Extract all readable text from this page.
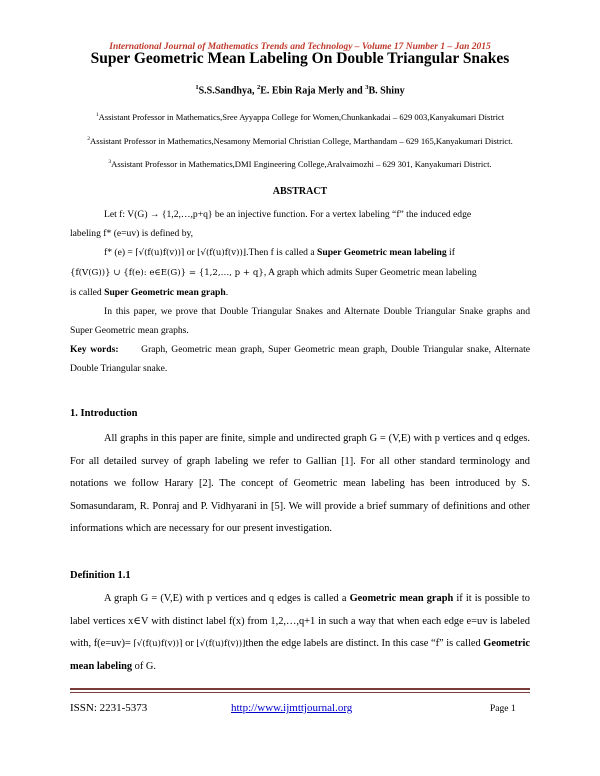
International Journal of Mathematics Trends and Technology – Volume 17 Number 1 – Jan 2015
Super Geometric Mean Labeling On Double Triangular Snakes
$^1$S.S.Sandhya, $^2$E. Ebin Raja Merly and $^3$B. Shiny
$^1$Assistant Professor in Mathematics,Sree Ayyappa College for Women,Chunkankadai – 629 003,Kanyakumari District
$^2$Assistant Professor in Mathematics,Nesamony Memorial Christian College, Marthandam – 629 165,Kanyakumari District.
$^3$Assistant Professor in Mathematics,DMI Engineering College,Aralvaimozhi – 629 301, Kanyakumari District.
ABSTRACT
Let f: V(G) → {1,2,…,p+q} be an injective function. For a vertex labeling “f” the induced edge
labeling f* (e=uv) is defined by,
f* (e) = ⌈√(f(u)f(v))⌉ or ⌊√(f(u)f(v))⌋.Then f is called a Super Geometric mean labeling if
{f(V(G))} ∪ {f(e): e∈E(G)} = {1,2,…, p + q}, A graph which admits Super Geometric mean labeling
is called Super Geometric mean graph.
In this paper, we prove that Double Triangular Snakes and Alternate Double Triangular Snake graphs and Super Geometric mean graphs.
Key words: Graph, Geometric mean graph, Super Geometric mean graph, Double Triangular snake, Alternate Double Triangular snake.
1. Introduction
All graphs in this paper are finite, simple and undirected graph G = (V,E) with p vertices and q edges. For all detailed survey of graph labeling we refer to Gallian [1]. For all other standard terminology and notations we follow Harary [2]. The concept of Geometric mean labeling has been introduced by S. Somasundaram, R. Ponraj and P. Vidhyarani in [5]. We will provide a brief summary of definitions and other informations which are necessary for our present investigation.
Definition 1.1
A graph G = (V,E) with p vertices and q edges is called a Geometric mean graph if it is possible to label vertices x∈V with distinct label f(x) from 1,2,…,q+1 in such a way that when each edge e=uv is labeled with, f(e=uv)= ⌈√(f(u)f(v))⌉ or ⌊√(f(u)f(v))⌋then the edge labels are distinct. In this case “f” is called Geometric mean labeling of G.
ISSN: 2231-5373	http://www.ijmttjournal.org	Page 1
